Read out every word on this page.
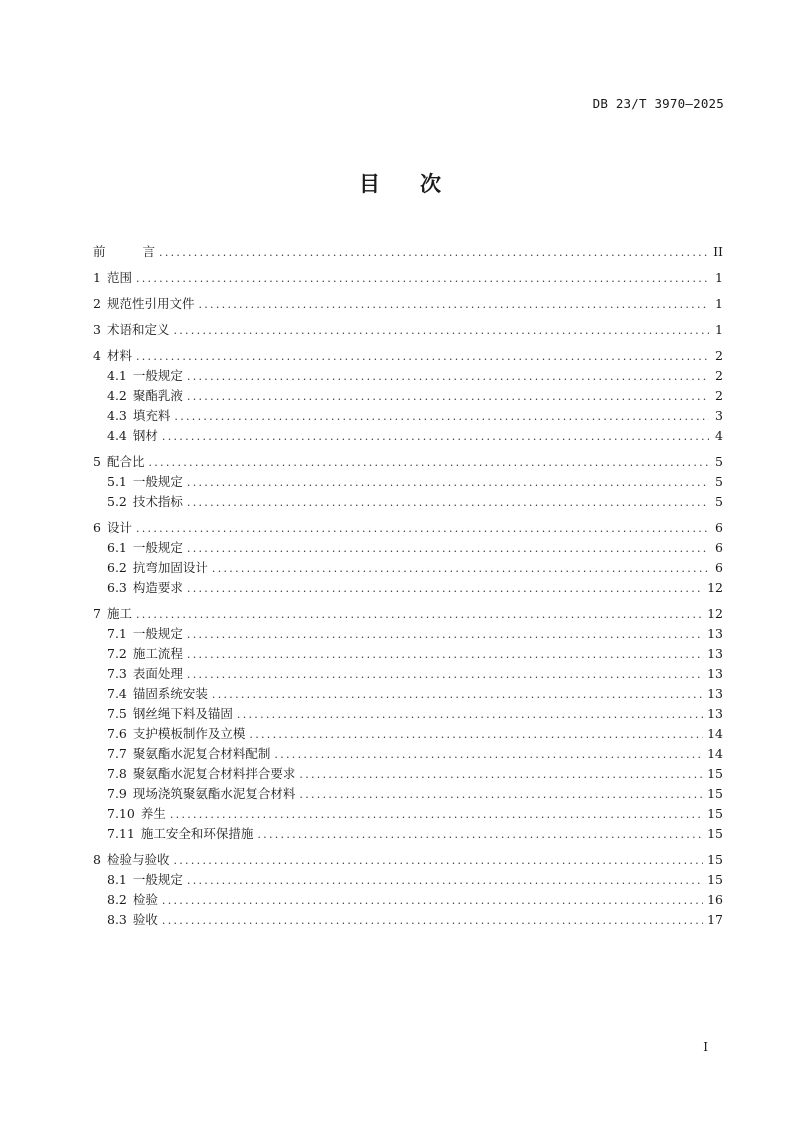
DB 23/T 3970—2025
目 次
前	言 .....	II
1 范围 .....	1
2 规范性引用文件 .....	1
3 术语和定义 .....	1
4 材料 .....	2
4.1 一般规定 .....	2
4.2 聚酯乳液 .....	2
4.3 填充料 .....	3
4.4 钢材 .....	4
5 配合比 .....	5
5.1 一般规定 .....	5
5.2 技术指标 .....	5
6 设计 .....	6
6.1 一般规定 .....	6
6.2 抗弯加固设计 .....	6
6.3 构造要求 .....	12
7 施工 .....	12
7.1 一般规定 .....	13
7.2 施工流程 .....	13
7.3 表面处理 .....	13
7.4 锚固系统安装 .....	13
7.5 钢丝绳下料及锚固 .....	13
7.6 支护模板制作及立模 .....	14
7.7 聚氨酯水泥复合材料配制 .....	14
7.8 聚氨酯水泥复合材料拌合要求 .....	15
7.9 现场浇筑聚氨酯水泥复合材料 .....	15
7.10 养生 .....	15
7.11 施工安全和环保措施 .....	15
8 检验与验收 .....	15
8.1 一般规定 .....	15
8.2 检验 .....	16
8.3 验收 .....	17
I
